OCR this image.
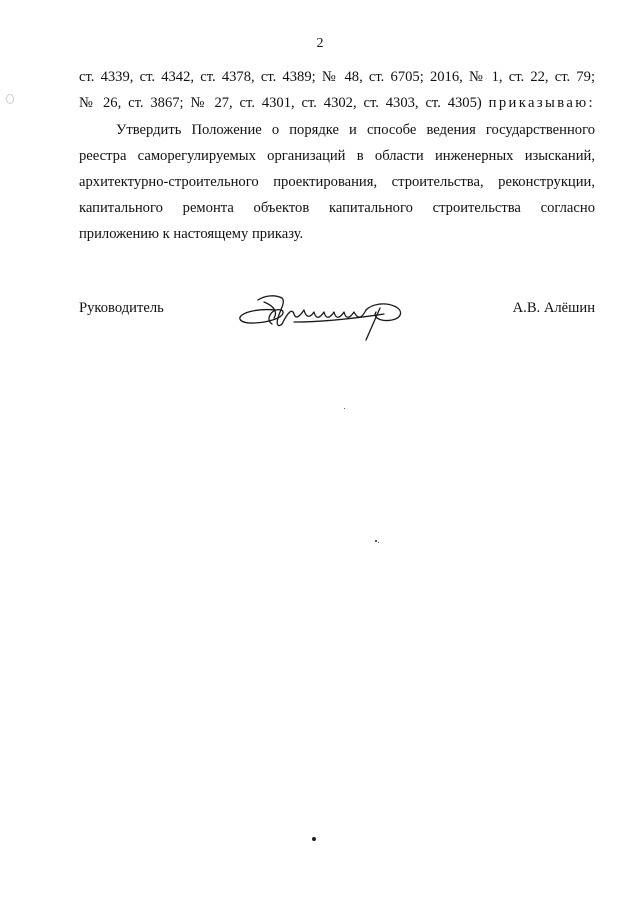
2
ст. 4339, ст. 4342, ст. 4378, ст. 4389; № 48, ст. 6705; 2016, № 1, ст. 22, ст. 79;
№ 26, ст. 3867; № 27, ст. 4301, ст. 4302, ст. 4303, ст. 4305) приказываю:
Утвердить Положение о порядке и способе ведения государственного
реестра саморегулируемых организаций в области инженерных изысканий,
архитектурно-строительного проектирования, строительства, реконструкции,
капитального ремонта объектов капитального строительства согласно
приложению к настоящему приказу.
Руководитель	А.В. Алёшин
